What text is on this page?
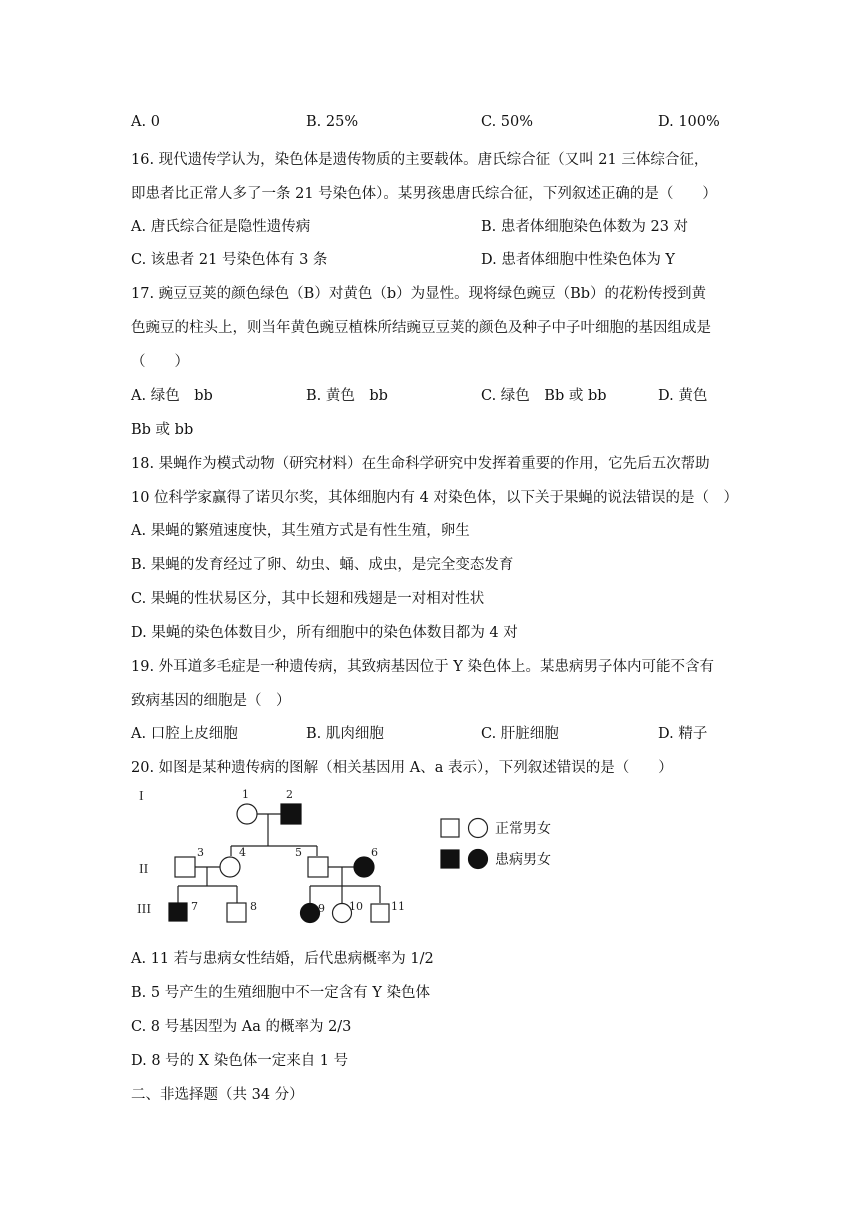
A. 0	B. 25%	C. 50%	D. 100%
16. 现代遗传学认为，染色体是遗传物质的主要载体。唐氏综合征（又叫 21 三体综合征，
即患者比正常人多了一条 21 号染色体）。某男孩患唐氏综合征，下列叙述正确的是（　　）
A. 唐氏综合征是隐性遗传病	B. 患者体细胞染色体数为 23 对
C. 该患者 21 号染色体有 3 条	D. 患者体细胞中性染色体为 Y
17. 豌豆豆荚的颜色绿色（B）对黄色（b）为显性。现将绿色豌豆（Bb）的花粉传授到黄
色豌豆的柱头上，则当年黄色豌豆植株所结豌豆豆荚的颜色及种子中子叶细胞的基因组成是
（　　）
A. 绿色　bb	B. 黄色　bb	C. 绿色　Bb 或 bb	D. 黄色
Bb 或 bb
18. 果蝇作为模式动物（研究材料）在生命科学研究中发挥着重要的作用，它先后五次帮助
10 位科学家赢得了诺贝尔奖，其体细胞内有 4 对染色体，以下关于果蝇的说法错误的是（　）
A. 果蝇的繁殖速度快，其生殖方式是有性生殖，卵生
B. 果蝇的发育经过了卵、幼虫、蛹、成虫，是完全变态发育
C. 果蝇的性状易区分，其中长翅和残翅是一对相对性状
D. 果蝇的染色体数目少，所有细胞中的染色体数目都为 4 对
19. 外耳道多毛症是一种遗传病，其致病基因位于 Y 染色体上。某患病男子体内可能不含有
致病基因的细胞是（　）
A. 口腔上皮细胞	B. 肌肉细胞	C. 肝脏细胞	D. 精子
20. 如图是某种遗传病的图解（相关基因用 A、a 表示），下列叙述错误的是（　　）
I
II
III
1	2
3	4	5	6
7	8	9 10	11
正常男女
患病男女
A. 11 若与患病女性结婚，后代患病概率为 1/2
B. 5 号产生的生殖细胞中不一定含有 Y 染色体
C. 8 号基因型为 Aa 的概率为 2/3
D. 8 号的 X 染色体一定来自 1 号
二、非选择题（共 34 分）
